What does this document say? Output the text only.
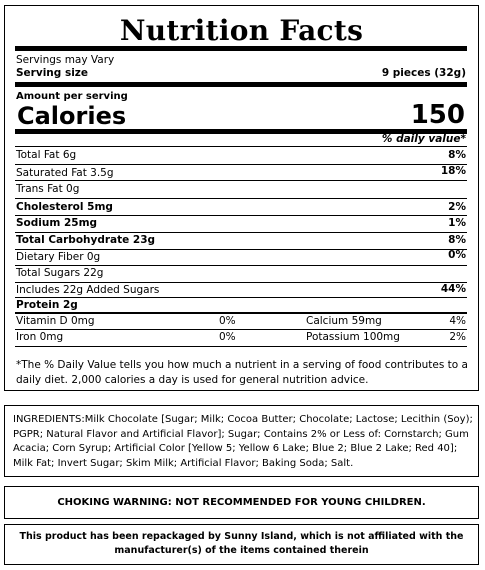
Nutrition Facts
Servings may Vary
Serving size	9 pieces (32g)
Amount per serving
Calories	150
% daily value*
Total Fat 6g	8%
Saturated Fat 3.5g	18%
Trans Fat 0g
Cholesterol 5mg	2%
Sodium 25mg	1%
Total Carbohydrate 23g	8%
Dietary Fiber 0g	0%
Total Sugars 22g
Includes 22g Added Sugars	44%
Protein 2g
Vitamin D 0mg	0%	Calcium 59mg	4%
Iron 0mg	0%	Potassium 100mg	2%
*The % Daily Value tells you how much a nutrient in a serving of food contributes to a daily diet. 2,000 calories a day is used for general nutrition advice.
INGREDIENTS:Milk Chocolate [Sugar; Milk; Cocoa Butter; Chocolate; Lactose; Lecithin (Soy); PGPR; Natural Flavor and Artificial Flavor]; Sugar; Contains 2% or Less of: Cornstarch; Gum Acacia; Corn Syrup; Artificial Color [Yellow 5; Yellow 6 Lake; Blue 2; Blue 2 Lake; Red 40]; Milk Fat; Invert Sugar; Skim Milk; Artificial Flavor; Baking Soda; Salt.
CHOKING WARNING: NOT RECOMMENDED FOR YOUNG CHILDREN.
This product has been repackaged by Sunny Island, which is not affiliated with the manufacturer(s) of the items contained therein
